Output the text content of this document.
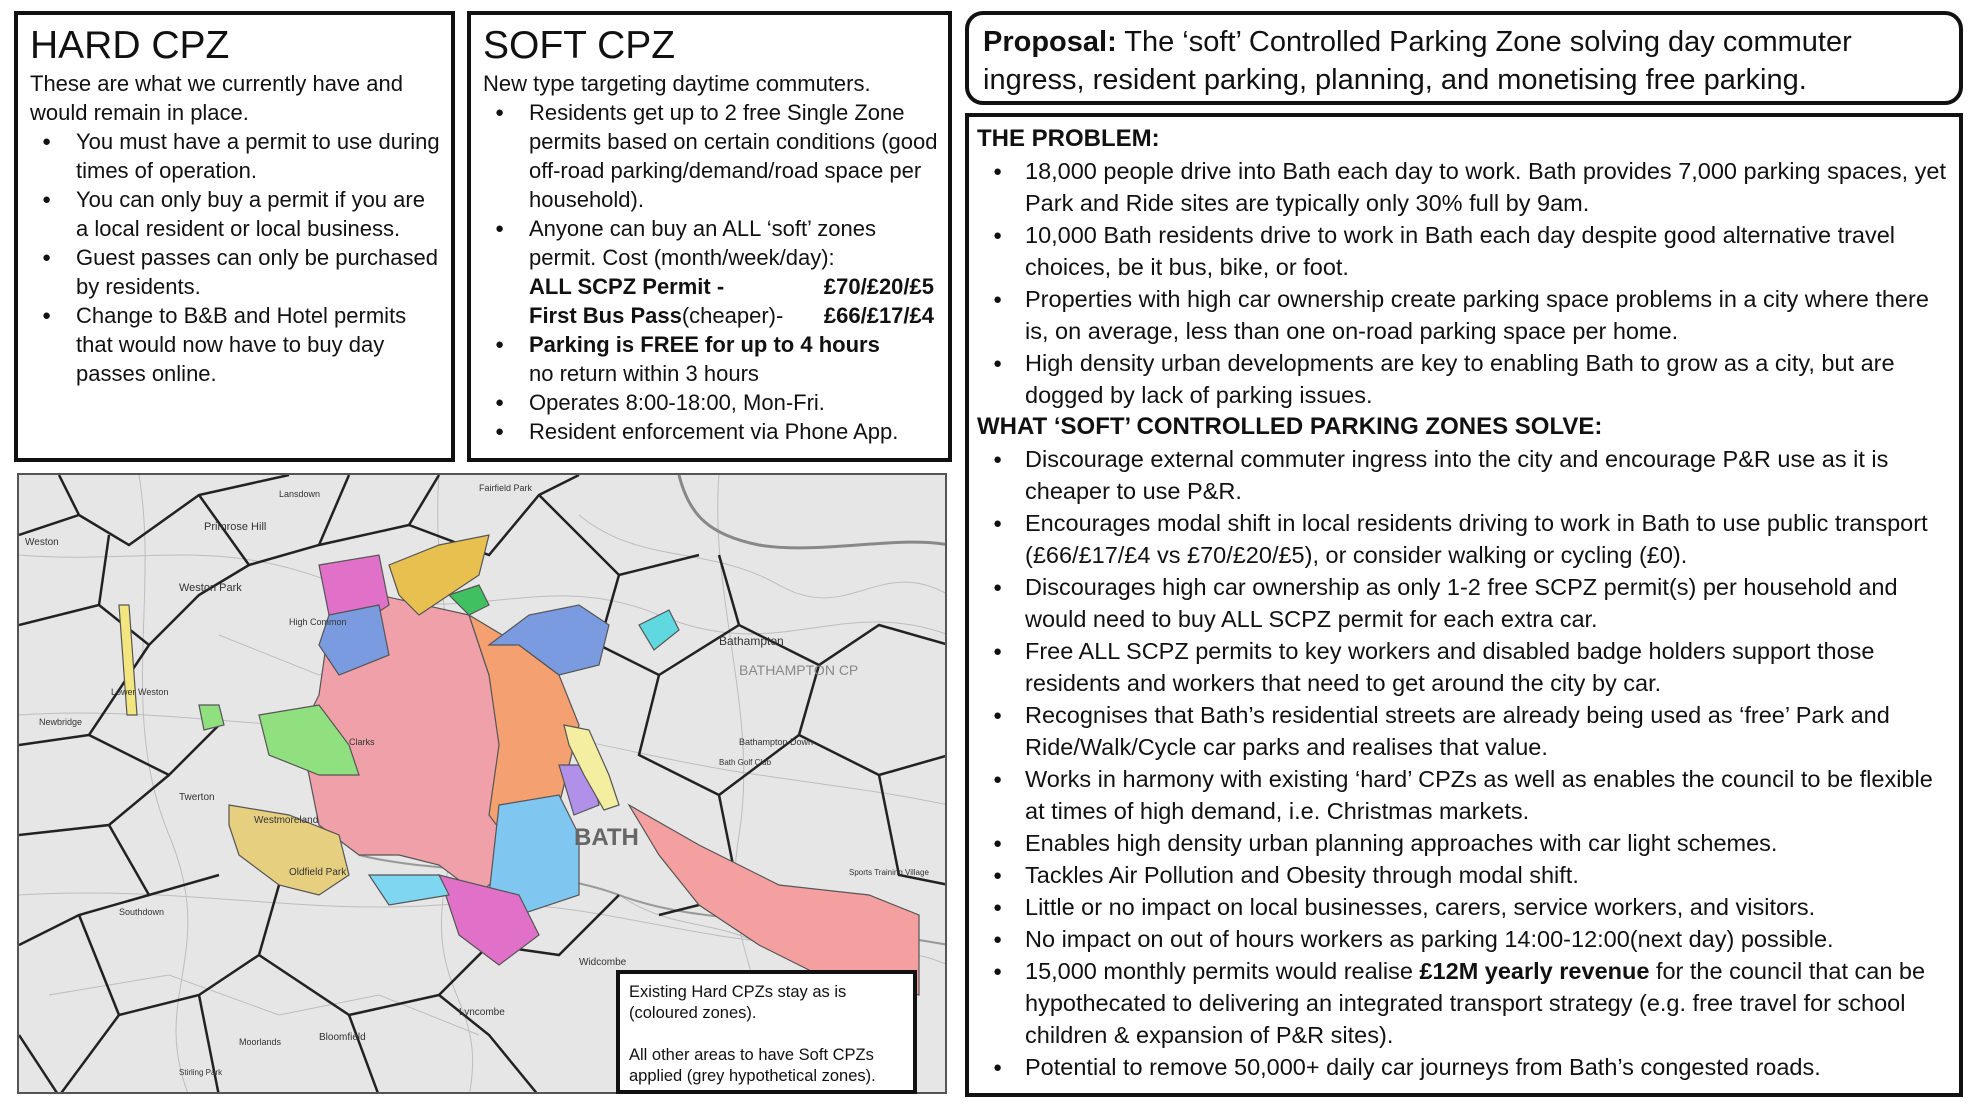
HARD CPZ

These are what we currently have and would remain in place.

● You must have a permit to use during times of operation.
● You can only buy a permit if you are a local resident or local business.
● Guest passes can only be purchased by residents.
● Change to B&B and Hotel permits that would now have to buy day passes online.
SOFT CPZ

New type targeting daytime commuters.

● Residents get up to 2 free Single Zone permits based on certain conditions (good off-road parking/demand/road space per household).
● Anyone can buy an ALL ‘soft’ zones permit. Cost (month/week/day):
ALL SCPZ Permit -	£70/£20/£5
First Bus Pass(cheaper)- £66/£17/£4
● Parking is FREE for up to 4 hours
no return within 3 hours
● Operates 8:00-18:00, Mon-Fri.
● Resident enforcement via Phone App.
Proposal: The ‘soft’ Controlled Parking Zone solving day commuter ingress, resident parking, planning, and monetising free parking.

THE PROBLEM:

● 18,000 people drive into Bath each day to work. Bath provides 7,000 parking spaces, yet Park and Ride sites are typically only 30% full by 9am.
● 10,000 Bath residents drive to work in Bath each day despite good alternative travel choices, be it bus, bike, or foot.
● Properties with high car ownership create parking space problems in a city where there is, on average, less than one on-road parking space per home.
● High density urban developments are key to enabling Bath to grow as a city, but are dogged by lack of parking issues.

WHAT ‘SOFT’ CONTROLLED PARKING ZONES SOLVE:

● Discourage external commuter ingress into the city and encourage P&R use as it is cheaper to use P&R.
● Encourages modal shift in local residents driving to work in Bath to use public transport (£66/£17/£4 vs £70/£20/£5), or consider walking or cycling (£0).
● Discourages high car ownership as only 1-2 free SCPZ permit(s) per household and would need to buy ALL SCPZ permit for each extra car.
● Free ALL SCPZ permits to key workers and disabled badge holders support those residents and workers that need to get around the city by car.
● Recognises that Bath’s residential streets are already being used as ‘free’ Park and Ride/Walk/Cycle car parks and realises that value.
● Works in harmony with existing ‘hard’ CPZs as well as enables the council to be flexible at times of high demand, i.e. Christmas markets.
● Enables high density urban planning approaches with car light schemes.
● Tackles Air Pollution and Obesity through modal shift.
● Little or no impact on local businesses, carers, service workers, and visitors.
● No impact on out of hours workers as parking 14:00-12:00(next day) possible.
● 15,000 monthly permits would realise £12M yearly revenue for the council that can be hypothecated to delivering an integrated transport strategy (e.g. free travel for school children & expansion of P&R sites).
● Potential to remove 50,000+ daily car journeys from Bath’s congested roads.
Weston
Primrose Hill
Fairfield Park
Lansdown
Weston Park
High Common
Lower Weston
Bathampton
BATHAMPTON CP
Bathampton Down
BATH
Twerton
Westmoreland
Oldfield Park
Widcombe
Lyncombe
Bloomfield
Sports Training Village
Newbridge
Southdown
Moorlands
Stirling Park
Bath Golf Club
Clarks

Existing Hard CPZs stay as is (coloured zones).

All other areas to have Soft CPZs applied (grey hypothetical zones).
